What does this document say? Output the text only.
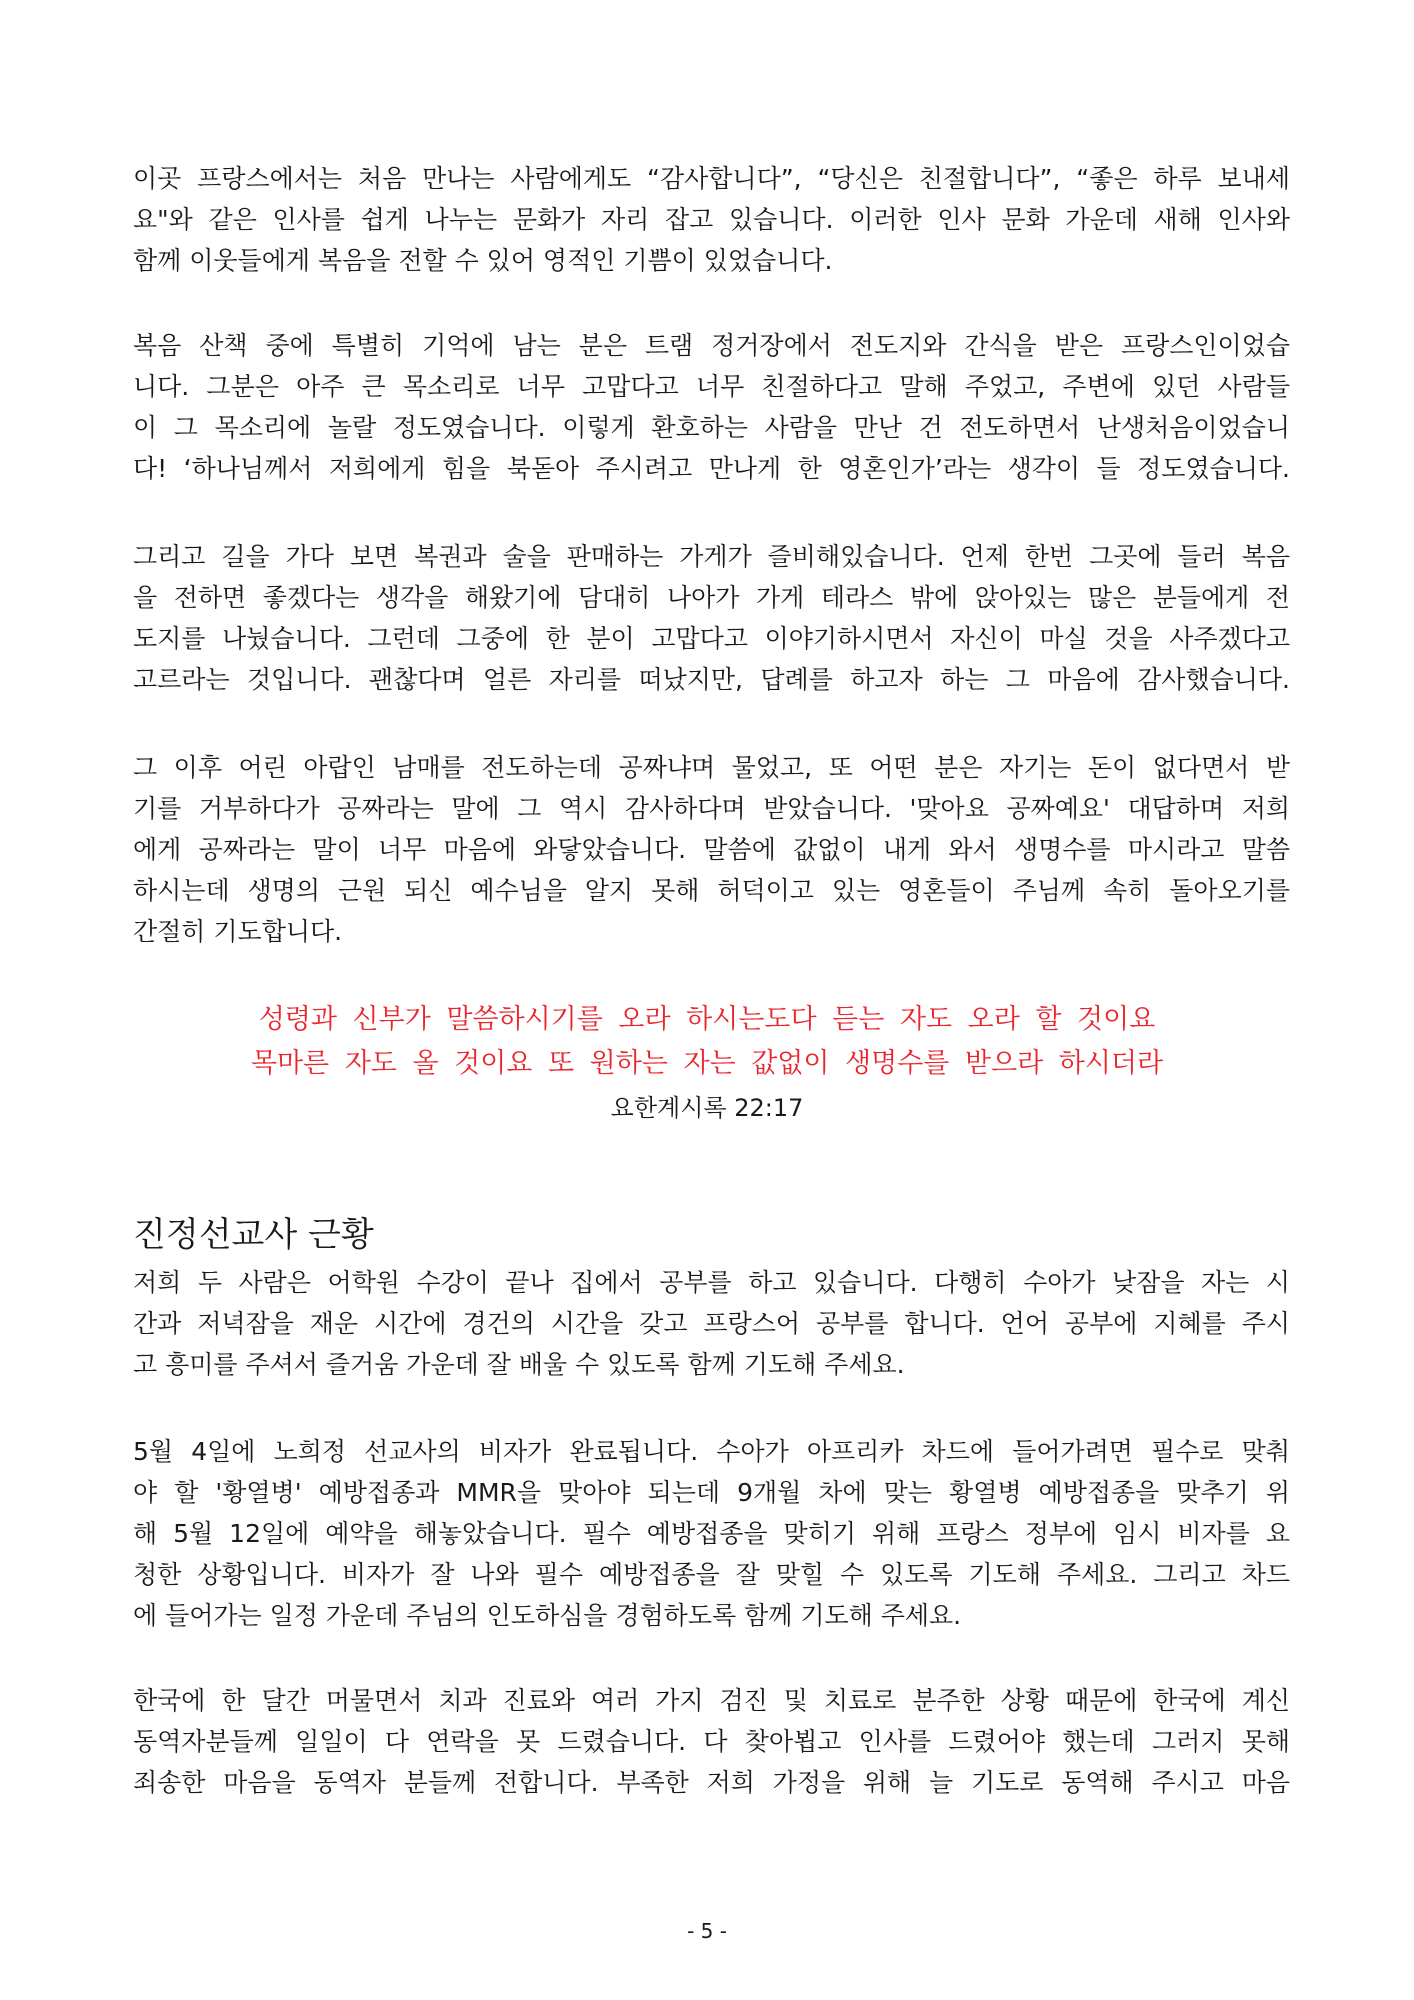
이곳 프랑스에서는 처음 만나는 사람에게도 “감사합니다”, “당신은 친절합니다”, “좋은 하루 보내세
요"와 같은 인사를 쉽게 나누는 문화가 자리 잡고 있습니다. 이러한 인사 문화 가운데 새해 인사와
함께 이웃들에게 복음을 전할 수 있어 영적인 기쁨이 있었습니다.
복음 산책 중에 특별히 기억에 남는 분은 트램 정거장에서 전도지와 간식을 받은 프랑스인이었습
니다. 그분은 아주 큰 목소리로 너무 고맙다고 너무 친절하다고 말해 주었고, 주변에 있던 사람들
이 그 목소리에 놀랄 정도였습니다. 이렇게 환호하는 사람을 만난 건 전도하면서 난생처음이었습니
다! ‘하나님께서 저희에게 힘을 북돋아 주시려고 만나게 한 영혼인가’라는 생각이 들 정도였습니다.
그리고 길을 가다 보면 복권과 술을 판매하는 가게가 즐비해있습니다. 언제 한번 그곳에 들러 복음
을 전하면 좋겠다는 생각을 해왔기에 담대히 나아가 가게 테라스 밖에 앉아있는 많은 분들에게 전
도지를 나눴습니다. 그런데 그중에 한 분이 고맙다고 이야기하시면서 자신이 마실 것을 사주겠다고
고르라는 것입니다. 괜찮다며 얼른 자리를 떠났지만, 답례를 하고자 하는 그 마음에 감사했습니다.
그 이후 어린 아랍인 남매를 전도하는데 공짜냐며 물었고, 또 어떤 분은 자기는 돈이 없다면서 받
기를 거부하다가 공짜라는 말에 그 역시 감사하다며 받았습니다. '맞아요 공짜예요' 대답하며 저희
에게 공짜라는 말이 너무 마음에 와닿았습니다. 말씀에 값없이 내게 와서 생명수를 마시라고 말씀
하시는데 생명의 근원 되신 예수님을 알지 못해 허덕이고 있는 영혼들이 주님께 속히 돌아오기를
간절히 기도합니다.
성령과 신부가 말씀하시기를 오라 하시는도다 듣는 자도 오라 할 것이요
목마른 자도 올 것이요 또 원하는 자는 값없이 생명수를 받으라 하시더라
요한계시록 22:17
진정선교사 근황
저희 두 사람은 어학원 수강이 끝나 집에서 공부를 하고 있습니다. 다행히 수아가 낮잠을 자는 시
간과 저녁잠을 재운 시간에 경건의 시간을 갖고 프랑스어 공부를 합니다. 언어 공부에 지혜를 주시
고 흥미를 주셔서 즐거움 가운데 잘 배울 수 있도록 함께 기도해 주세요.
5월 4일에 노희정 선교사의 비자가 완료됩니다. 수아가 아프리카 차드에 들어가려면 필수로 맞춰
야 할 '황열병' 예방접종과 MMR을 맞아야 되는데 9개월 차에 맞는 황열병 예방접종을 맞추기 위
해 5월 12일에 예약을 해놓았습니다. 필수 예방접종을 맞히기 위해 프랑스 정부에 임시 비자를 요
청한 상황입니다. 비자가 잘 나와 필수 예방접종을 잘 맞힐 수 있도록 기도해 주세요. 그리고 차드
에 들어가는 일정 가운데 주님의 인도하심을 경험하도록 함께 기도해 주세요.
한국에 한 달간 머물면서 치과 진료와 여러 가지 검진 및 치료로 분주한 상황 때문에 한국에 계신
동역자분들께 일일이 다 연락을 못 드렸습니다. 다 찾아뵙고 인사를 드렸어야 했는데 그러지 못해
죄송한 마음을 동역자 분들께 전합니다. 부족한 저희 가정을 위해 늘 기도로 동역해 주시고 마음
- 5 -
